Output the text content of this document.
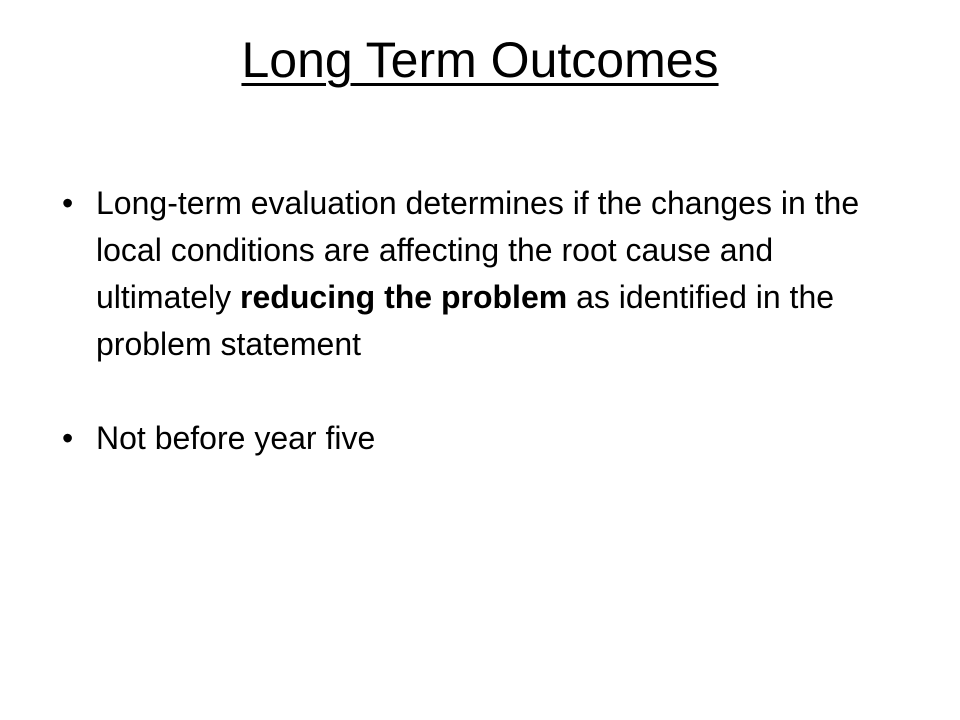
Long Term Outcomes
• Long-term evaluation determines if the changes in the local conditions are affecting the root cause and ultimately reducing the problem as identified in the problem statement
• Not before year five
